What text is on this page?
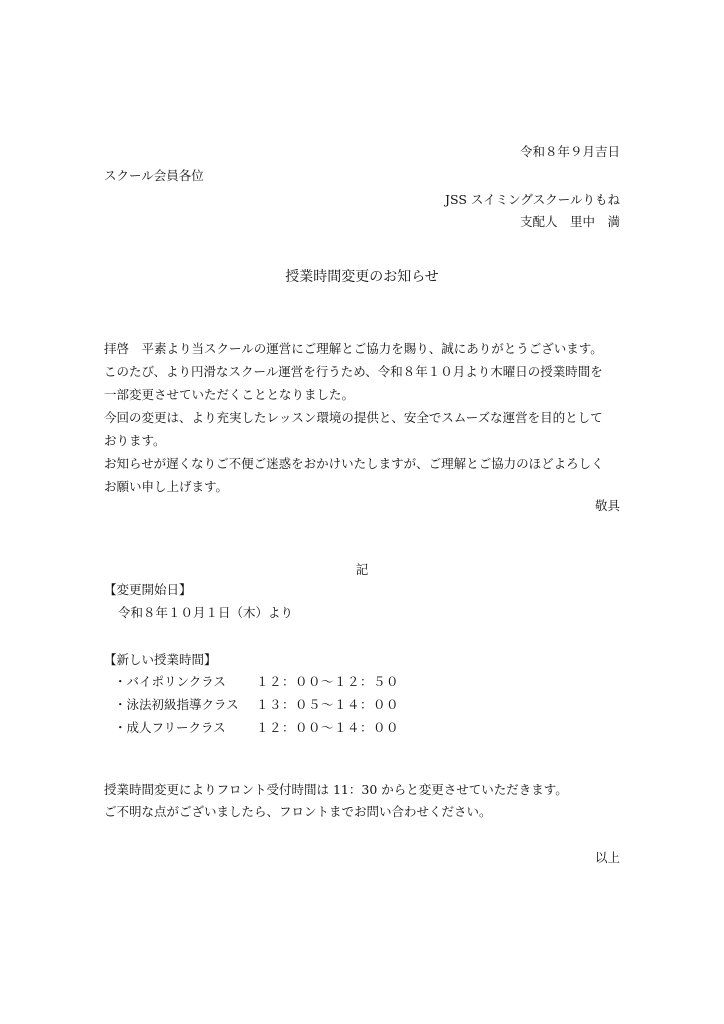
令和８年９月吉日
スクール会員各位
JSS スイミングスクールりもね
支配人　里中　満
授業時間変更のお知らせ
拝啓　平素より当スクールの運営にご理解とご協力を賜り、誠にありがとうございます。
このたび、より円滑なスクール運営を行うため、令和８年１０月より木曜日の授業時間を
一部変更させていただくこととなりました。
今回の変更は、より充実したレッスン環境の提供と、安全でスムーズな運営を目的として
おります。
お知らせが遅くなりご不便ご迷惑をおかけいたしますが、ご理解とご協力のほどよろしく
お願い申し上げます。
敬具
記
【変更開始日】
令和８年１０月１日（木）より
【新しい授業時間】
・バイポリンクラス １２：００～１２：５０
・泳法初級指導クラス １３：０５～１４：００
・成人フリークラス １２：００～１４：００
授業時間変更によりフロント受付時間は 11：30 からと変更させていただきます。
ご不明な点がございましたら、フロントまでお問い合わせください。
以上
